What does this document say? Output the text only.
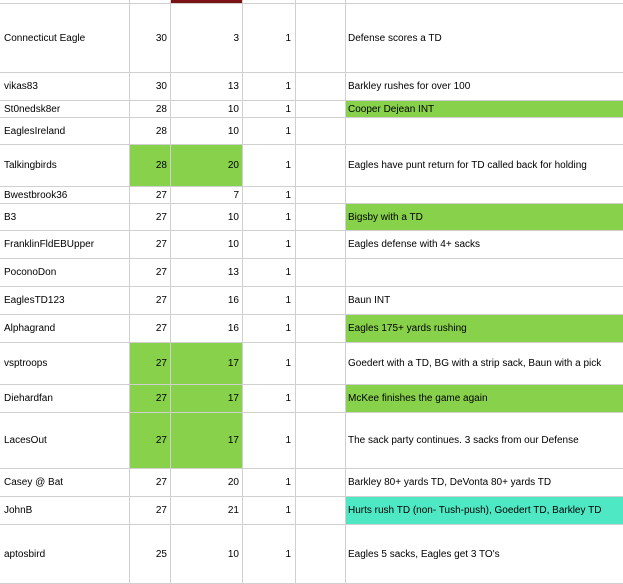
Connecticut Eagle	30	3	1	Defense scores a TD
vikas83	30	13	1	Barkley rushes for over 100
St0nedsk8er	28	10	1	Cooper Dejean INT
EaglesIreland	28	10	1
Talkingbirds	28	20	1	Eagles have punt return for TD called back for holding
Bwestbrook36	27	7	1
B3	27	10	1	Bigsby with a TD
FranklinFldEBUpper	27	10	1	Eagles defense with 4+ sacks
PoconoDon	27	13	1
EaglesTD123	27	16	1	Baun INT
Alphagrand	27	16	1	Eagles 175+ yards rushing
vsptroops	27	17	1	Goedert with a TD, BG with a strip sack, Baun with a pick
Diehardfan	27	17	1	McKee finishes the game again
LacesOut	27	17	1	The sack party continues. 3 sacks from our Defense
Casey @ Bat	27	20	1	Barkley 80+ yards TD, DeVonta 80+ yards TD
JohnB	27	21	1	Hurts rush TD (non- Tush-push), Goedert TD, Barkley TD
aptosbird	25	10	1	Eagles 5 sacks, Eagles get 3 TO's
